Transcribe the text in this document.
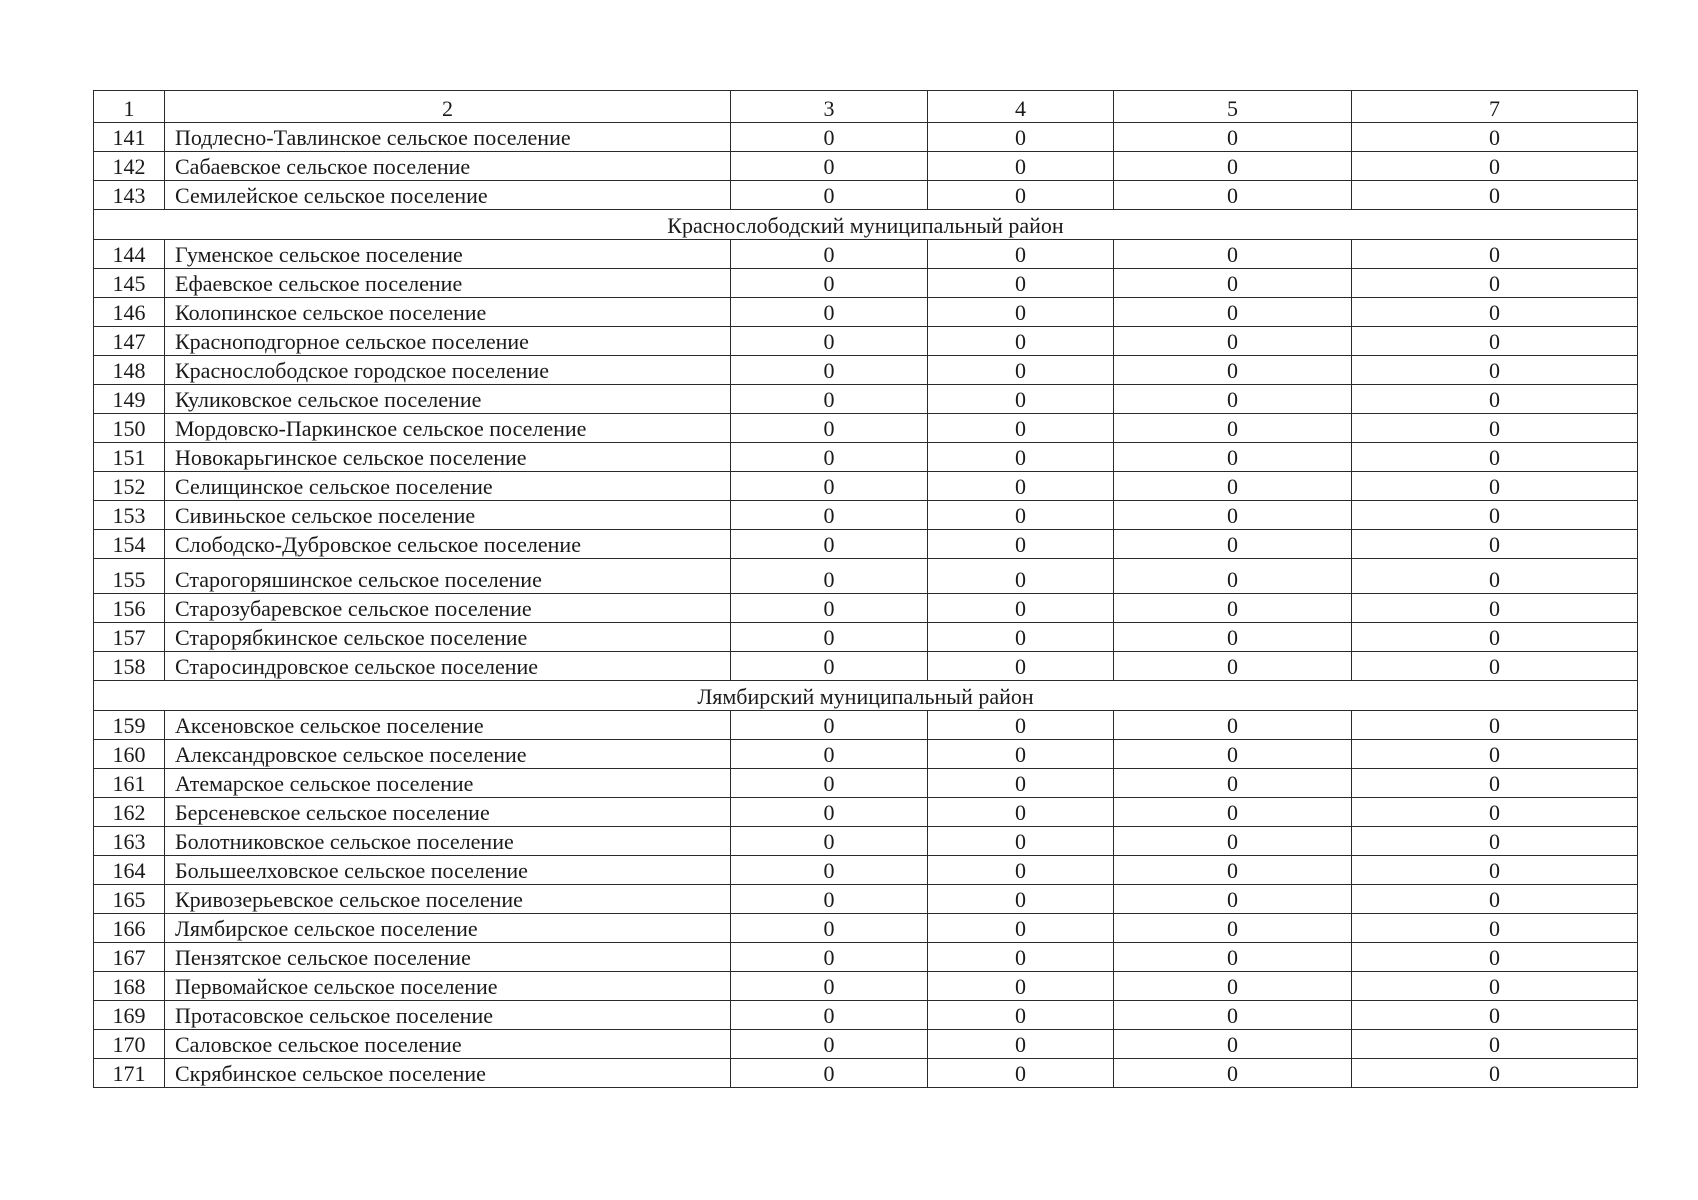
1	2	3	4	5	7
141	Подлесно-Тавлинское сельское поселение	0	0	0	0
142	Сабаевское сельское поселение	0	0	0	0
143	Семилейское сельское поселение	0	0	0	0
Краснослободский муниципальный район					
144	Гуменское сельское поселение	0	0	0	0
145	Ефаевское сельское поселение	0	0	0	0
146	Колопинское сельское поселение	0	0	0	0
147	Красноподгорное сельское поселение	0	0	0	0
148	Краснослободское городское поселение	0	0	0	0
149	Куликовское сельское поселение	0	0	0	0
150	Мордовско-Паркинское сельское поселение	0	0	0	0
151	Новокарьгинское сельское поселение	0	0	0	0
152	Селищинское сельское поселение	0	0	0	0
153	Сивиньское сельское поселение	0	0	0	0
154	Слободско-Дубровское сельское поселение	0	0	0	0
155	Старогоряшинское сельское поселение	0	0	0	0
156	Старозубаревское сельское поселение	0	0	0	0
157	Старорябкинское сельское поселение	0	0	0	0
158	Старосиндровское сельское поселение	0	0	0	0
Лямбирский муниципальный район					
159	Аксеновское сельское поселение	0	0	0	0
160	Александровское сельское поселение	0	0	0	0
161	Атемарское сельское поселение	0	0	0	0
162	Берсеневское сельское поселение	0	0	0	0
163	Болотниковское сельское поселение	0	0	0	0
164	Большеелховское сельское поселение	0	0	0	0
165	Кривозерьевское сельское поселение	0	0	0	0
166	Лямбирское сельское поселение	0	0	0	0
167	Пензятское сельское поселение	0	0	0	0
168	Первомайское сельское поселение	0	0	0	0
169	Протасовское сельское поселение	0	0	0	0
170	Саловское сельское поселение	0	0	0	0
171	Скрябинское сельское поселение	0	0	0	0
